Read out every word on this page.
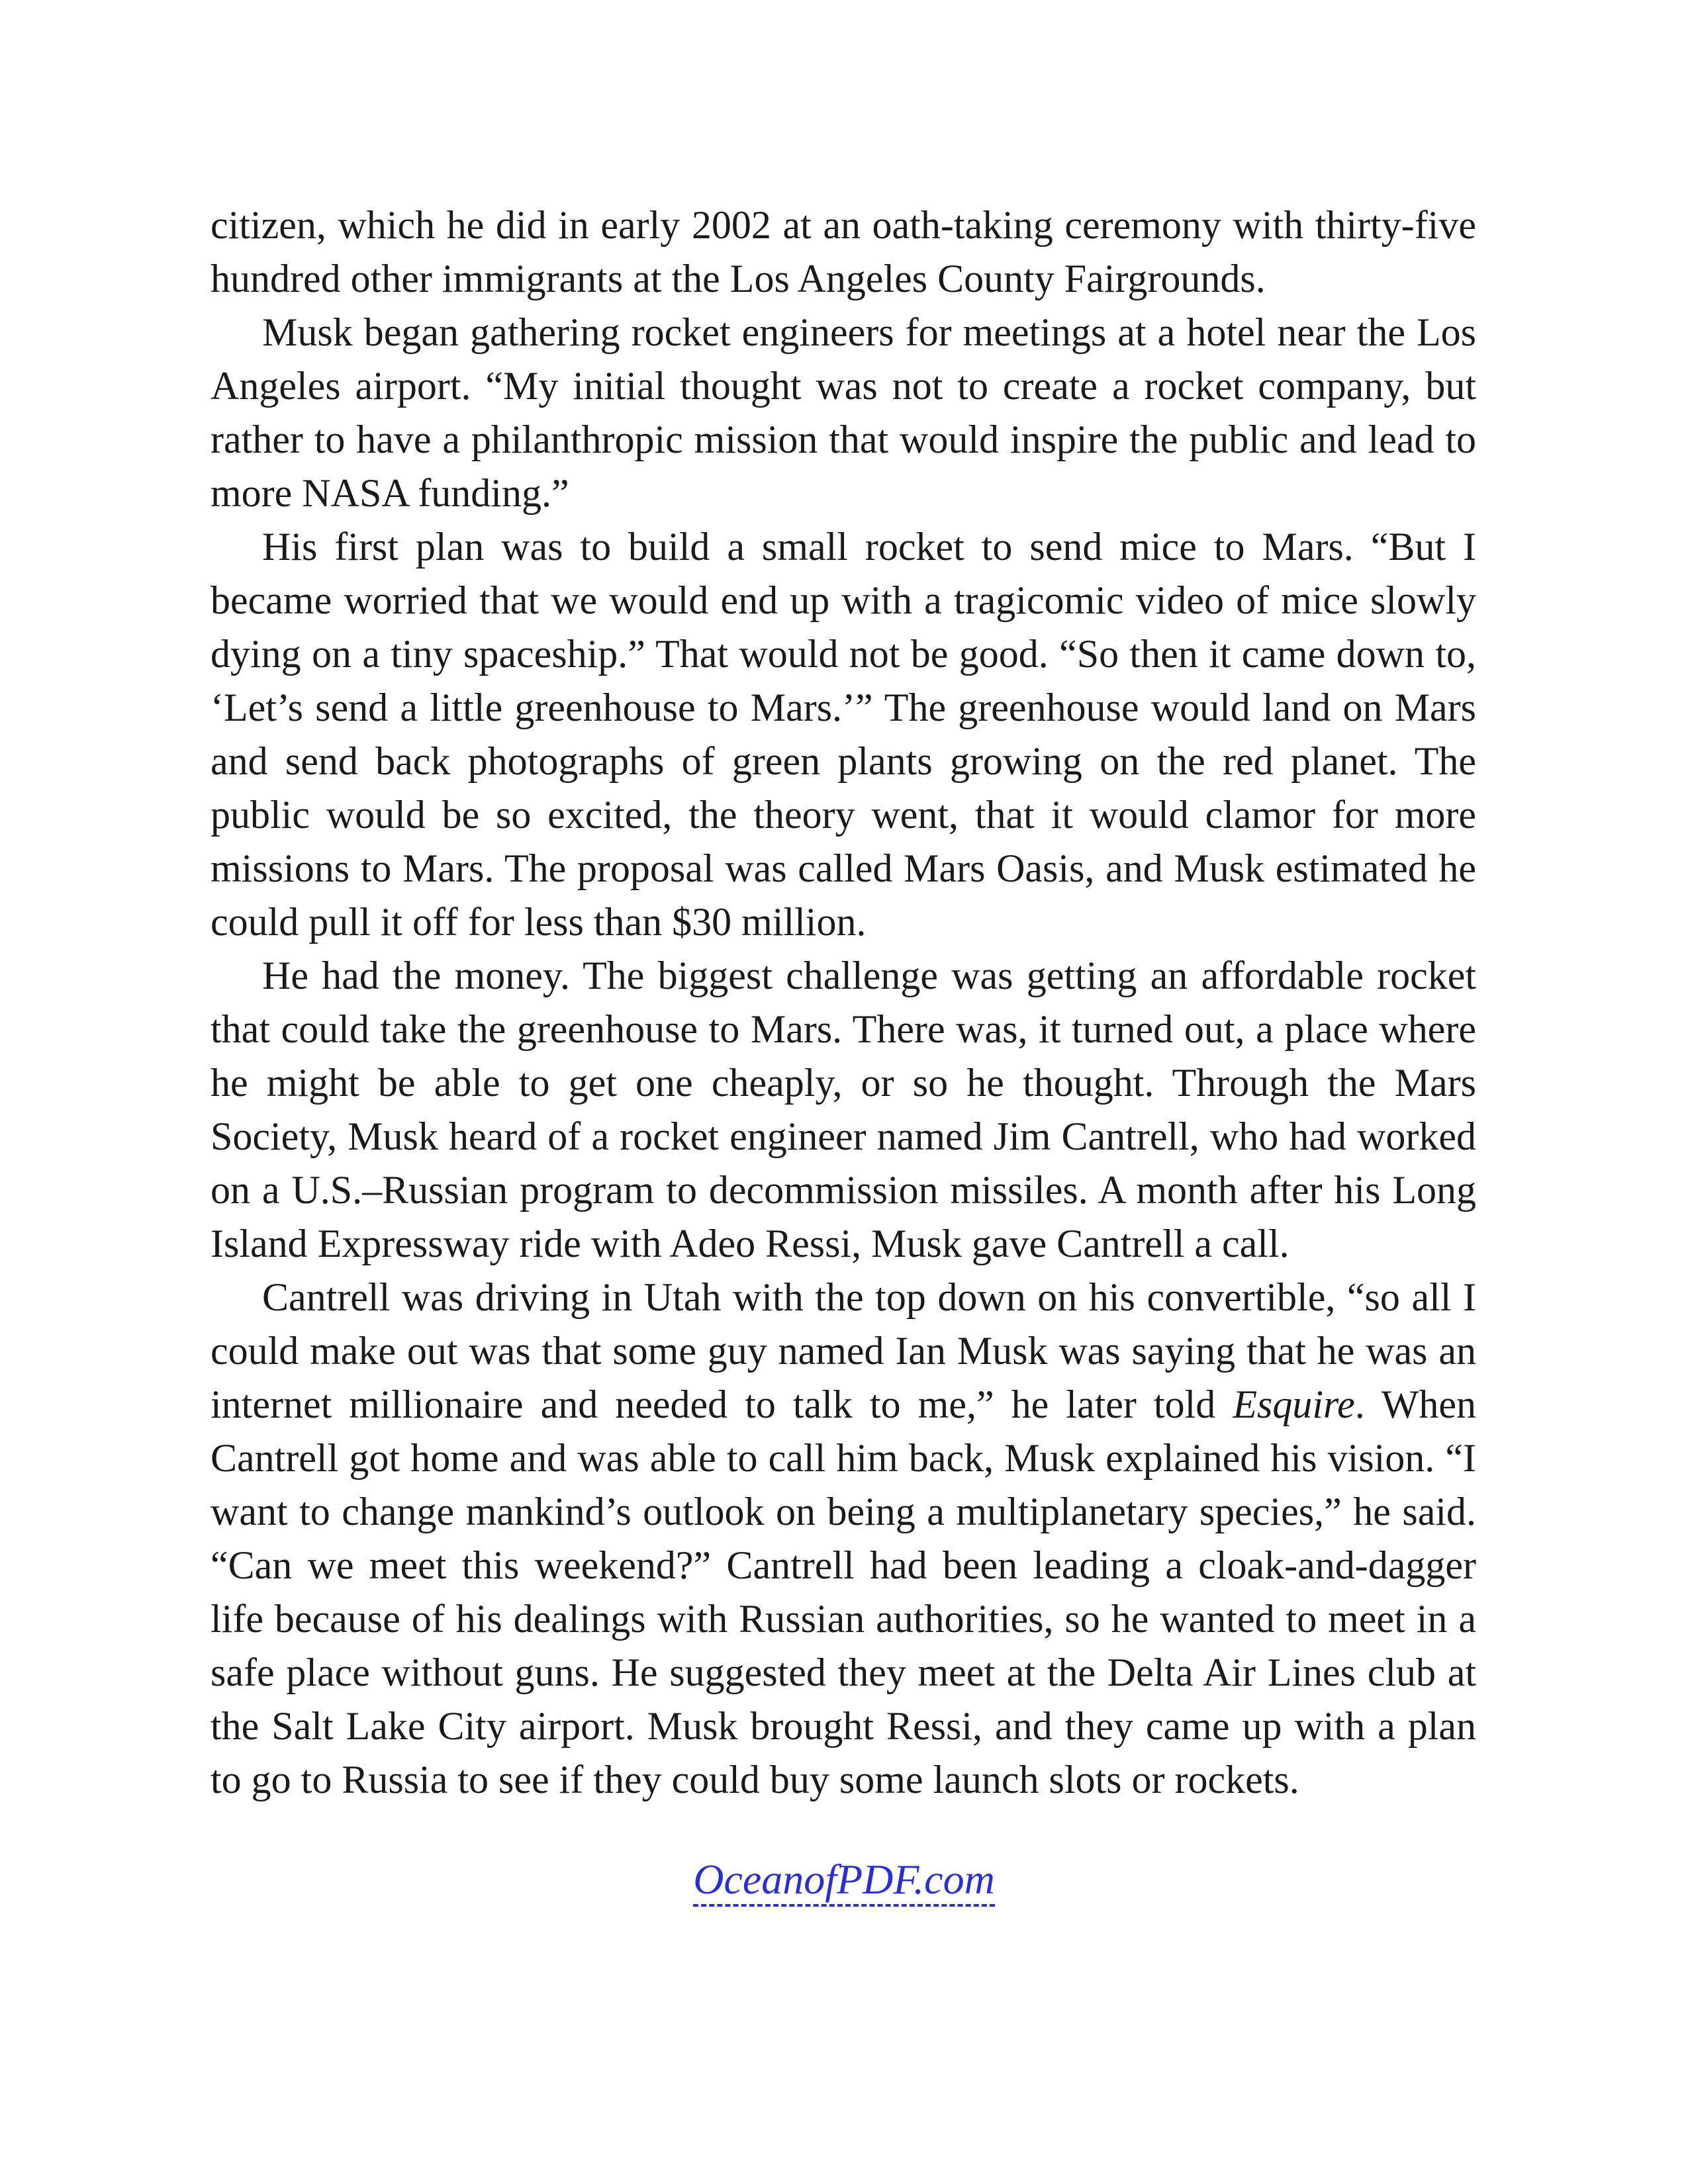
citizen, which he did in early 2002 at an oath-taking ceremony with thirty-five hundred other immigrants at the Los Angeles County Fairgrounds.

Musk began gathering rocket engineers for meetings at a hotel near the Los Angeles airport. “My initial thought was not to create a rocket company, but rather to have a philanthropic mission that would inspire the public and lead to more NASA funding.”

His first plan was to build a small rocket to send mice to Mars. “But I became worried that we would end up with a tragicomic video of mice slowly dying on a tiny spaceship.” That would not be good. “So then it came down to, ‘Let’s send a little greenhouse to Mars.’” The greenhouse would land on Mars and send back photographs of green plants growing on the red planet. The public would be so excited, the theory went, that it would clamor for more missions to Mars. The proposal was called Mars Oasis, and Musk estimated he could pull it off for less than $30 million.

He had the money. The biggest challenge was getting an affordable rocket that could take the greenhouse to Mars. There was, it turned out, a place where he might be able to get one cheaply, or so he thought. Through the Mars Society, Musk heard of a rocket engineer named Jim Cantrell, who had worked on a U.S.–Russian program to decommission missiles. A month after his Long Island Expressway ride with Adeo Ressi, Musk gave Cantrell a call.

Cantrell was driving in Utah with the top down on his convertible, “so all I could make out was that some guy named Ian Musk was saying that he was an internet millionaire and needed to talk to me,” he later told Esquire. When Cantrell got home and was able to call him back, Musk explained his vision. “I want to change mankind’s outlook on being a multiplanetary species,” he said. “Can we meet this weekend?” Cantrell had been leading a cloak-and-dagger life because of his dealings with Russian authorities, so he wanted to meet in a safe place without guns. He suggested they meet at the Delta Air Lines club at the Salt Lake City airport. Musk brought Ressi, and they came up with a plan to go to Russia to see if they could buy some launch slots or rockets.

OceanofPDF.com
